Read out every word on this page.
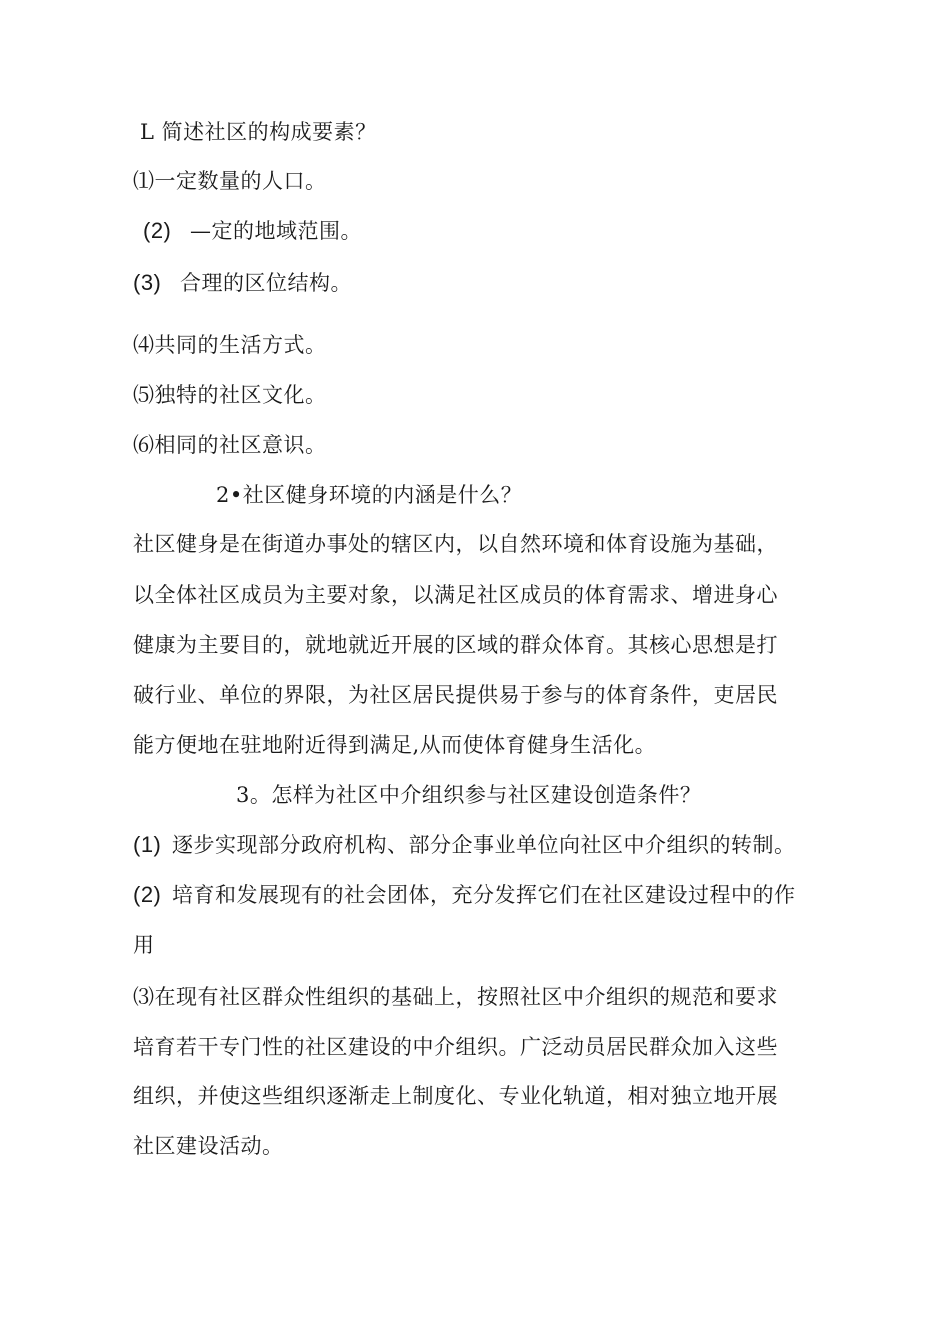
L 简述社区的构成要素？
⑴一定数量的人口。
(2) —定的地域范围。
(3) 合理的区位结构。
⑷共同的生活方式。
⑸独特的社区文化。
⑹相同的社区意识。
2•社区健身环境的内涵是什么？
社区健身是在街道办事处的辖区内，以自然环境和体育设施为基础，
以全体社区成员为主要对象，以满足社区成员的体育需求、增进身心
健康为主要目的，就地就近开展的区域的群众体育。其核心思想是打
破行业、单位的界限，为社区居民提供易于参与的体育条件，吏居民
能方便地在驻地附近得到满足,从而使体育健身生活化。
3。怎样为社区中介组织参与社区建设创造条件？
(1) 逐步实现部分政府机构、部分企事业单位向社区中介组织的转制。
(2) 培育和发展现有的社会团体，充分发挥它们在社区建设过程中的作
用
⑶在现有社区群众性组织的基础上，按照社区中介组织的规范和要求
培育若干专门性的社区建设的中介组织。广泛动员居民群众加入这些
组织，并使这些组织逐渐走上制度化、专业化轨道，相对独立地开展
社区建设活动。
